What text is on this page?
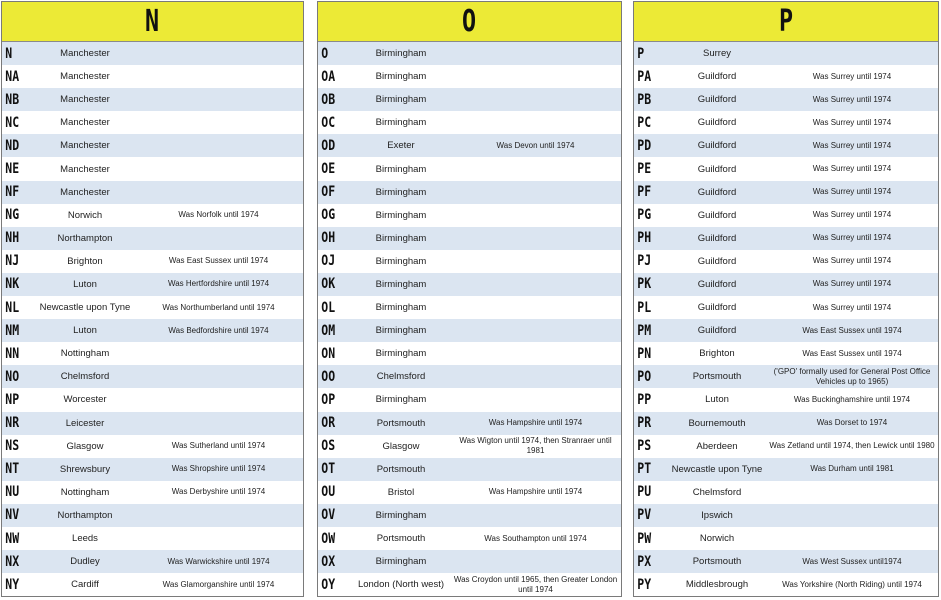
N
N	Manchester
NA	Manchester
NB	Manchester
NC	Manchester
ND	Manchester
NE	Manchester
NF	Manchester
NG	Norwich	Was Norfolk until 1974
NH	Northampton
NJ	Brighton	Was East Sussex until 1974
NK	Luton	Was Hertfordshire until 1974
NL	Newcastle upon Tyne	Was Northumberland until 1974
NM	Luton	Was Bedfordshire until 1974
NN	Nottingham
NO	Chelmsford
NP	Worcester
NR	Leicester
NS	Glasgow	Was Sutherland until 1974
NT	Shrewsbury	Was Shropshire until 1974
NU	Nottingham	Was Derbyshire until 1974
NV	Northampton
NW	Leeds
NX	Dudley	Was Warwickshire until 1974
NY	Cardiff	Was Glamorganshire until 1974
O
O	Birmingham
OA	Birmingham
OB	Birmingham
OC	Birmingham
OD	Exeter	Was Devon until 1974
OE	Birmingham
OF	Birmingham
OG	Birmingham
OH	Birmingham
OJ	Birmingham
OK	Birmingham
OL	Birmingham
OM	Birmingham
ON	Birmingham
OO	Chelmsford
OP	Birmingham
OR	Portsmouth	Was Hampshire until 1974
OS	Glasgow	Was Wigton until 1974, then Stranraer until 1981
OT	Portsmouth
OU	Bristol	Was Hampshire until 1974
OV	Birmingham
OW	Portsmouth	Was Southampton until 1974
OX	Birmingham
OY	London (North west)	Was Croydon until 1965, then Greater London until 1974
P
P	Surrey
PA	Guildford	Was Surrey until 1974
PB	Guildford	Was Surrey until 1974
PC	Guildford	Was Surrey until 1974
PD	Guildford	Was Surrey until 1974
PE	Guildford	Was Surrey until 1974
PF	Guildford	Was Surrey until 1974
PG	Guildford	Was Surrey until 1974
PH	Guildford	Was Surrey until 1974
PJ	Guildford	Was Surrey until 1974
PK	Guildford	Was Surrey until 1974
PL	Guildford	Was Surrey until 1974
PM	Guildford	Was East Sussex until 1974
PN	Brighton	Was East Sussex until 1974
PO	Portsmouth	('GPO' formally used for General Post Office Vehicles up to 1965)
PP	Luton	Was Buckinghamshire until 1974
PR	Bournemouth	Was Dorset to 1974
PS	Aberdeen	Was Zetland until 1974, then Lewick until 1980
PT	Newcastle upon Tyne	Was Durham until 1981
PU	Chelmsford
PV	Ipswich
PW	Norwich
PX	Portsmouth	Was West Sussex until1974
PY	Middlesbrough	Was Yorkshire (North Riding) until 1974
